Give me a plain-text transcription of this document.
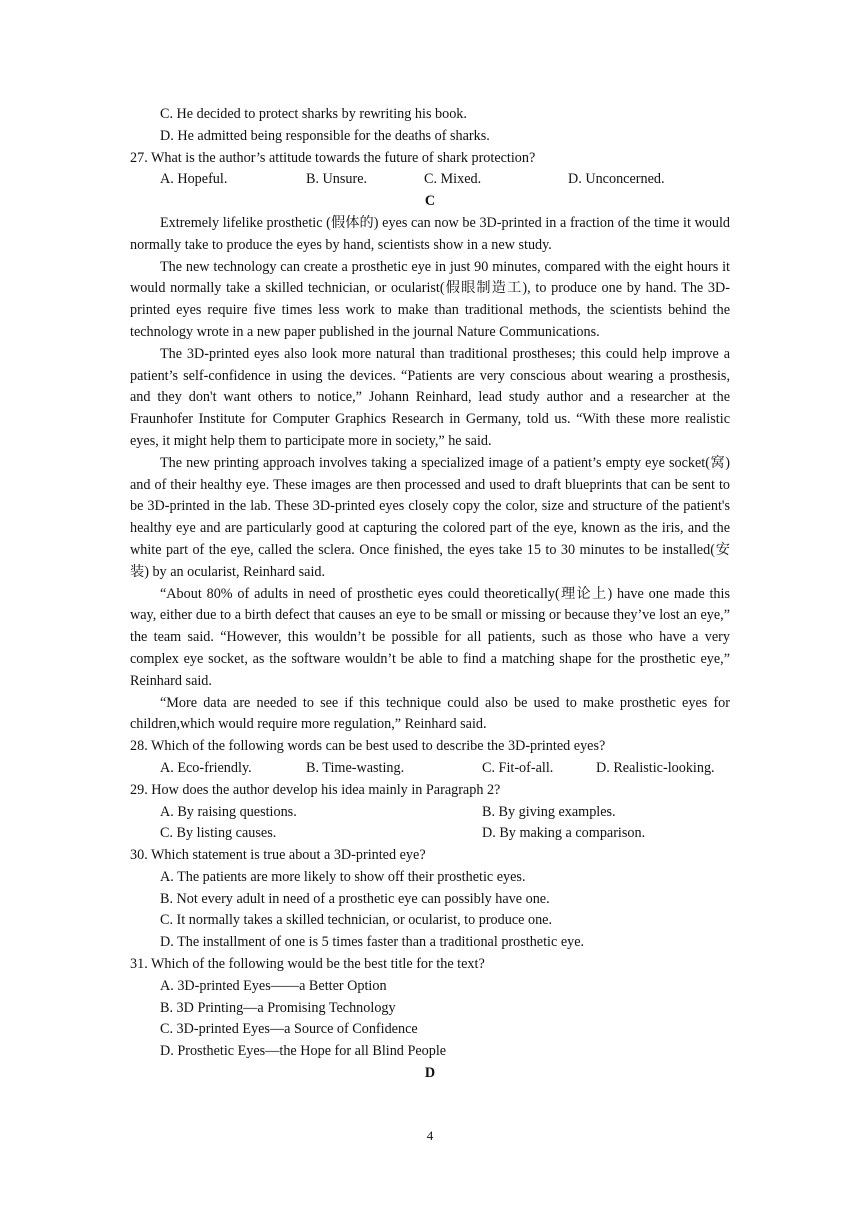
C. He decided to protect sharks by rewriting his book.
D. He admitted being responsible for the deaths of sharks.
27. What is the author’s attitude towards the future of shark protection?
A. Hopeful.	B. Unsure.	C. Mixed.	D. Unconcerned.
C

Extremely lifelike prosthetic (假体的) eyes can now be 3D-printed in a fraction of the time it would normally take to produce the eyes by hand, scientists show in a new study.

The new technology can create a prosthetic eye in just 90 minutes, compared with the eight hours it would normally take a skilled technician, or ocularist(假眼制造工), to produce one by hand. The 3D-printed eyes require five times less work to make than traditional methods, the scientists behind the technology wrote in a new paper published in the journal Nature Communications.

The 3D-printed eyes also look more natural than traditional prostheses; this could help improve a patient’s self-confidence in using the devices. “Patients are very conscious about wearing a prosthesis, and they don't want others to notice,” Johann Reinhard, lead study author and a researcher at the Fraunhofer Institute for Computer Graphics Research in Germany, told us. “With these more realistic eyes, it might help them to participate more in society,” he said.

The new printing approach involves taking a specialized image of a patient’s empty eye socket(窝) and of their healthy eye. These images are then processed and used to draft blueprints that can be sent to be 3D-printed in the lab. These 3D-printed eyes closely copy the color, size and structure of the patient's healthy eye and are particularly good at capturing the colored part of the eye, known as the iris, and the white part of the eye, called the sclera. Once finished, the eyes take 15 to 30 minutes to be installed(安装) by an ocularist, Reinhard said.

“About 80% of adults in need of prosthetic eyes could theoretically(理论上) have one made this way, either due to a birth defect that causes an eye to be small or missing or because they’ve lost an eye,” the team said. “However, this wouldn’t be possible for all patients, such as those who have a very complex eye socket, as the software wouldn’t be able to find a matching shape for the prosthetic eye,” Reinhard said.

“More data are needed to see if this technique could also be used to make prosthetic eyes for children,which would require more regulation,” Reinhard said.

28. Which of the following words can be best used to describe the 3D-printed eyes?
A. Eco-friendly.	B. Time-wasting.	C. Fit-of-all.	D. Realistic-looking.
29. How does the author develop his idea mainly in Paragraph 2?
A. By raising questions.	B. By giving examples.
C. By listing causes.	D. By making a comparison.
30. Which statement is true about a 3D-printed eye?
A. The patients are more likely to show off their prosthetic eyes.
B. Not every adult in need of a prosthetic eye can possibly have one.
C. It normally takes a skilled technician, or ocularist, to produce one.
D. The installment of one is 5 times faster than a traditional prosthetic eye.
31. Which of the following would be the best title for the text?
A. 3D-printed Eyes——a Better Option
B. 3D Printing—a Promising Technology
C. 3D-printed Eyes—a Source of Confidence
D. Prosthetic Eyes—the Hope for all Blind People
D
4
